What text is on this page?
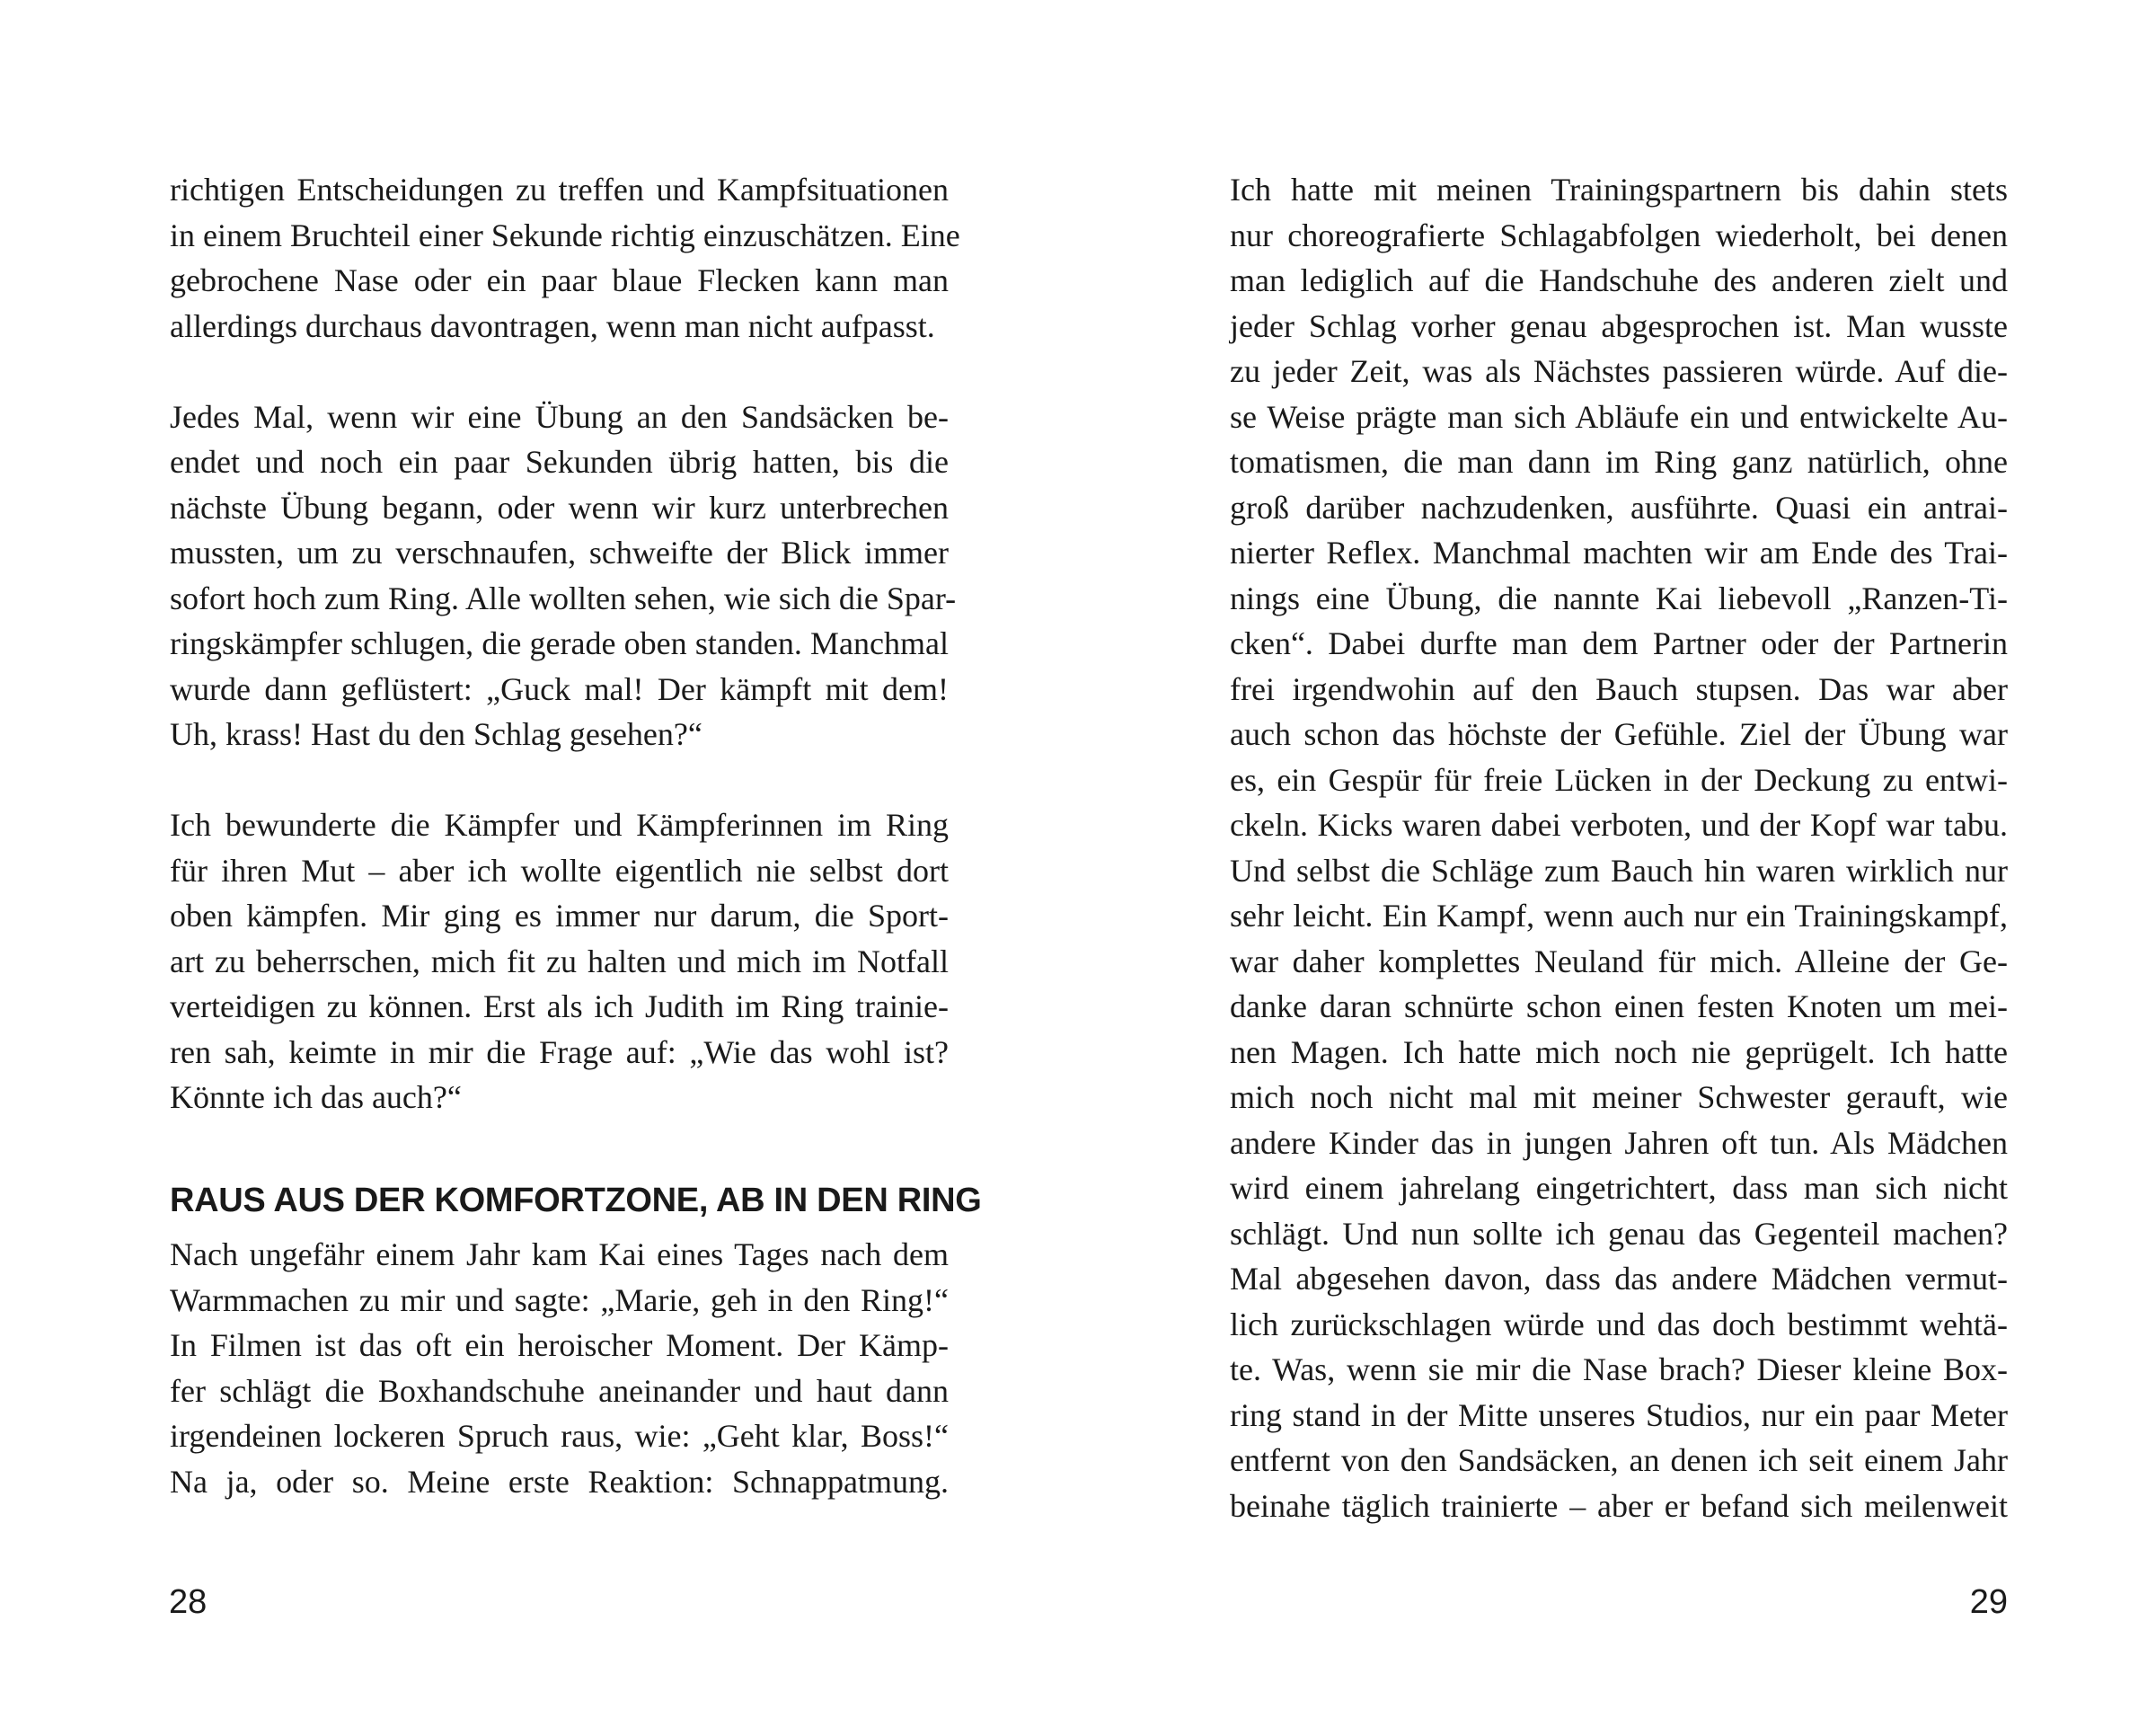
richtigen Entscheidungen zu treffen und Kampfsituationen
in einem Bruchteil einer Sekunde richtig einzuschätzen. Eine
gebrochene Nase oder ein paar blaue Flecken kann man
allerdings durchaus davontragen, wenn man nicht aufpasst.

Jedes Mal, wenn wir eine Übung an den Sandsäcken be-
endet und noch ein paar Sekunden übrig hatten, bis die
nächste Übung begann, oder wenn wir kurz unterbrechen
mussten, um zu verschnaufen, schweifte der Blick immer
sofort hoch zum Ring. Alle wollten sehen, wie sich die Spar-
ringskämpfer schlugen, die gerade oben standen. Manchmal
wurde dann geflüstert: „Guck mal! Der kämpft mit dem!
Uh, krass! Hast du den Schlag gesehen?“

Ich bewunderte die Kämpfer und Kämpferinnen im Ring
für ihren Mut – aber ich wollte eigentlich nie selbst dort
oben kämpfen. Mir ging es immer nur darum, die Sport-
art zu beherrschen, mich fit zu halten und mich im Notfall
verteidigen zu können. Erst als ich Judith im Ring trainie-
ren sah, keimte in mir die Frage auf: „Wie das wohl ist?
Könnte ich das auch?“

RAUS AUS DER KOMFORTZONE, AB IN DEN RING

Nach ungefähr einem Jahr kam Kai eines Tages nach dem
Warmmachen zu mir und sagte: „Marie, geh in den Ring!“
In Filmen ist das oft ein heroischer Moment. Der Kämp-
fer schlägt die Boxhandschuhe aneinander und haut dann
irgendeinen lockeren Spruch raus, wie: „Geht klar, Boss!“
Na ja, oder so. Meine erste Reaktion: Schnappatmung.

28

Ich hatte mit meinen Trainingspartnern bis dahin stets
nur choreografierte Schlagabfolgen wiederholt, bei denen
man lediglich auf die Handschuhe des anderen zielt und
jeder Schlag vorher genau abgesprochen ist. Man wusste
zu jeder Zeit, was als Nächstes passieren würde. Auf die-
se Weise prägte man sich Abläufe ein und entwickelte Au-
tomatismen, die man dann im Ring ganz natürlich, ohne
groß darüber nachzudenken, ausführte. Quasi ein antrai-
nierter Reflex. Manchmal machten wir am Ende des Trai-
nings eine Übung, die nannte Kai liebevoll „Ranzen-Ti-
cken“. Dabei durfte man dem Partner oder der Partnerin
frei irgendwohin auf den Bauch stupsen. Das war aber
auch schon das höchste der Gefühle. Ziel der Übung war
es, ein Gespür für freie Lücken in der Deckung zu entwi-
ckeln. Kicks waren dabei verboten, und der Kopf war tabu.
Und selbst die Schläge zum Bauch hin waren wirklich nur
sehr leicht. Ein Kampf, wenn auch nur ein Trainingskampf,
war daher komplettes Neuland für mich. Alleine der Ge-
danke daran schnürte schon einen festen Knoten um mei-
nen Magen. Ich hatte mich noch nie geprügelt. Ich hatte
mich noch nicht mal mit meiner Schwester gerauft, wie
andere Kinder das in jungen Jahren oft tun. Als Mädchen
wird einem jahrelang eingetrichtert, dass man sich nicht
schlägt. Und nun sollte ich genau das Gegenteil machen?
Mal abgesehen davon, dass das andere Mädchen vermut-
lich zurückschlagen würde und das doch bestimmt wehtä-
te. Was, wenn sie mir die Nase brach? Dieser kleine Box-
ring stand in der Mitte unseres Studios, nur ein paar Meter
entfernt von den Sandsäcken, an denen ich seit einem Jahr
beinahe täglich trainierte – aber er befand sich meilenweit

29
